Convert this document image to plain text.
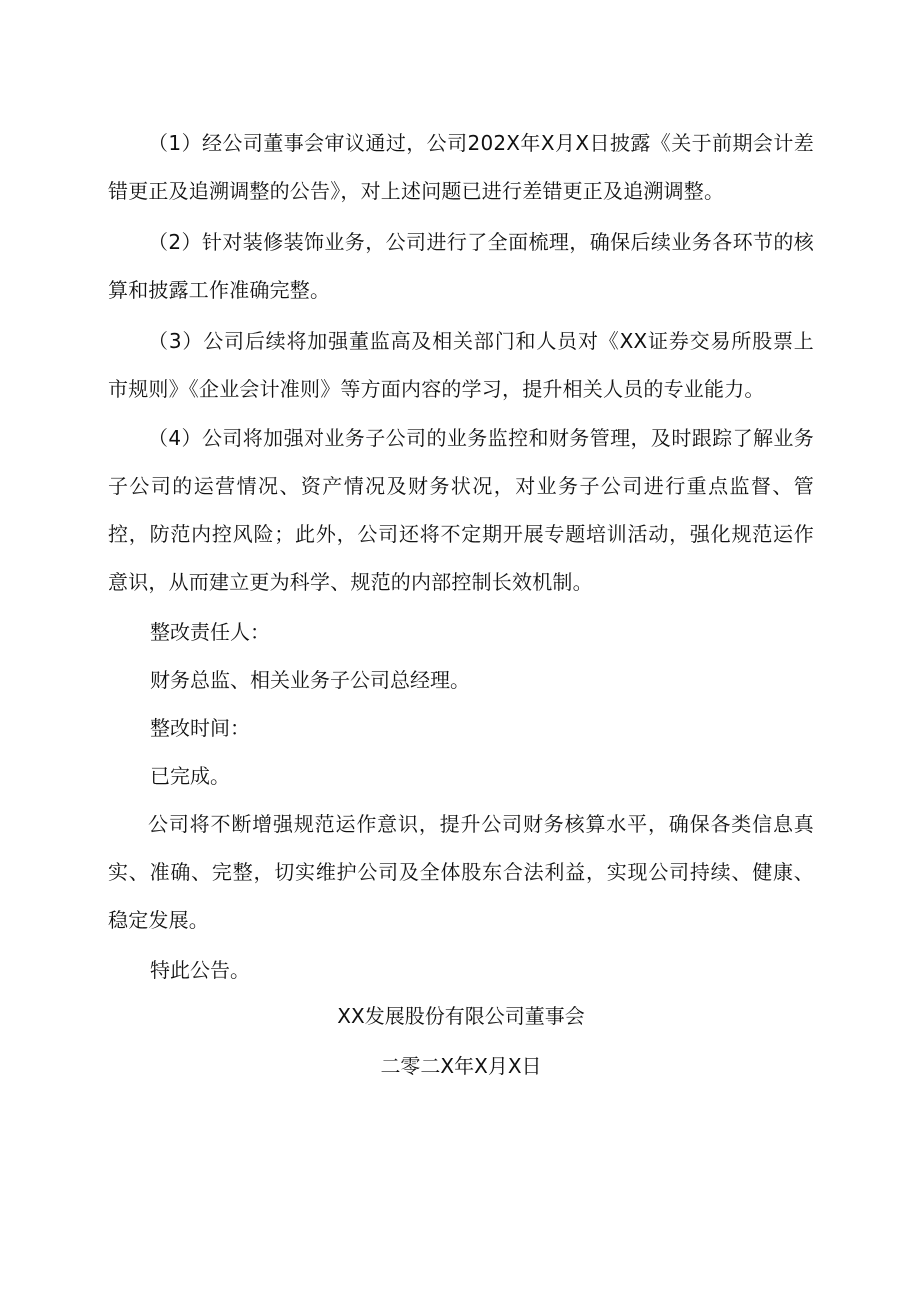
（1）经公司董事会审议通过，公司202X年X月X日披露《关于前期会计差错更正及追溯调整的公告》，对上述问题已进行差错更正及追溯调整。

（2）针对装修装饰业务，公司进行了全面梳理，确保后续业务各环节的核算和披露工作准确完整。

（3）公司后续将加强董监高及相关部门和人员对《XX证券交易所股票上市规则》《企业会计准则》等方面内容的学习，提升相关人员的专业能力。

（4）公司将加强对业务子公司的业务监控和财务管理，及时跟踪了解业务子公司的运营情况、资产情况及财务状况，对业务子公司进行重点监督、管控，防范内控风险；此外，公司还将不定期开展专题培训活动，强化规范运作意识，从而建立更为科学、规范的内部控制长效机制。

整改责任人：

财务总监、相关业务子公司总经理。

整改时间：

已完成。

公司将不断增强规范运作意识，提升公司财务核算水平，确保各类信息真实、准确、完整，切实维护公司及全体股东合法利益，实现公司持续、健康、稳定发展。

特此公告。

XX发展股份有限公司董事会

二零二X年X月X日
